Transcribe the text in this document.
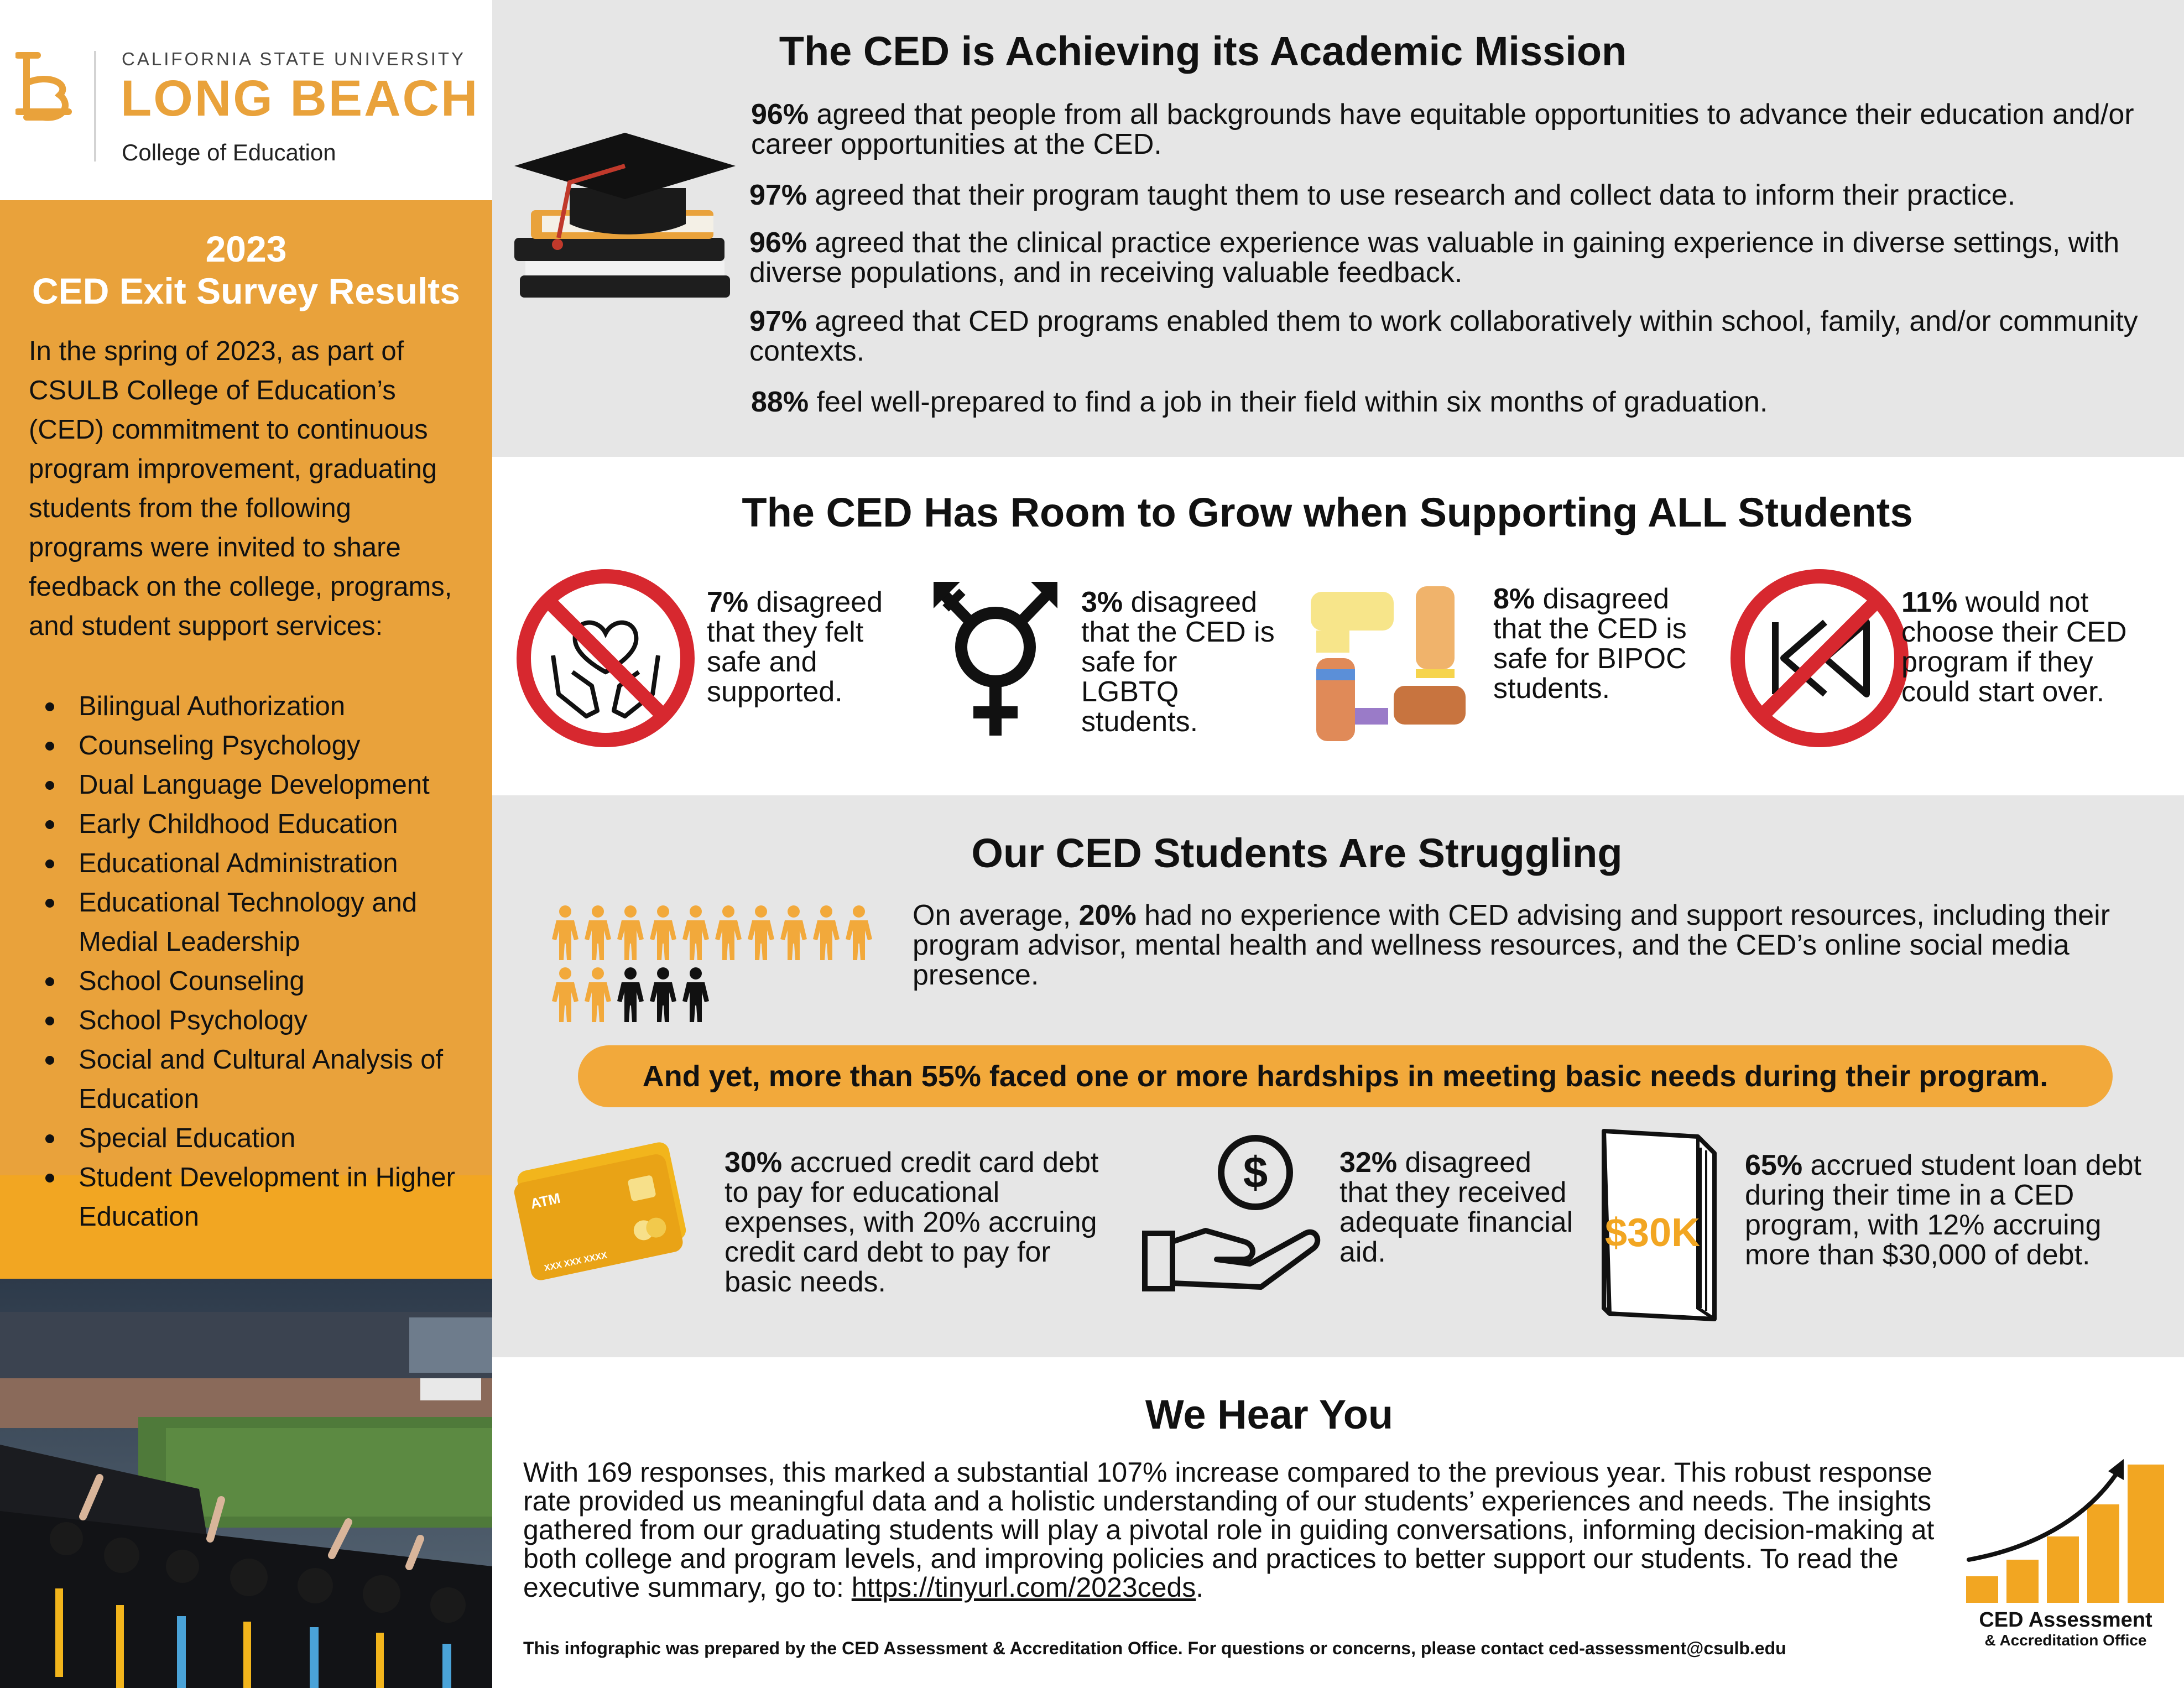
CALIFORNIA STATE UNIVERSITY
LONG BEACH
College of Education
2023
CED Exit Survey Results
In the spring of 2023, as part of CSULB College of Education’s (CED) commitment to continuous program improvement, graduating students from the following programs were invited to share feedback on the college, programs, and student support services:
Bilingual Authorization
Counseling Psychology
Dual Language Development
Early Childhood Education
Educational Administration
Educational Technology and Medial Leadership
School Counseling
School Psychology
Social and Cultural Analysis of Education
Special Education
Student Development in Higher Education
The CED is Achieving its Academic Mission
96% agreed that people from all backgrounds have equitable opportunities to advance their education and/or career opportunities at the CED.
97% agreed that their program taught them to use research and collect data to inform their practice.
96% agreed that the clinical practice experience was valuable in gaining experience in diverse settings, with diverse populations, and in receiving valuable feedback.
97% agreed that CED programs enabled them to work collaboratively within school, family, and/or community contexts.
88% feel well-prepared to find a job in their field within six months of graduation.
The CED Has Room to Grow when Supporting ALL Students
7% disagreed that they felt safe and supported.
3% disagreed that the CED is safe for LGBTQ students.
8% disagreed that the CED is safe for BIPOC students.
11% would not choose their CED program if they could start over.
Our CED Students Are Struggling
On average, 20% had no experience with CED advising and support resources, including their program advisor, mental health and wellness resources, and the CED’s online social media presence.
And yet, more than 55% faced one or more hardships in meeting basic needs during their program.
ATM
XXX XXX XXXX
30% accrued credit card debt to pay for educational expenses, with 20% accruing credit card debt to pay for basic needs.
$ 32% disagreed that they received adequate financial aid.	$30K
65% accrued student loan debt during their time in a CED program, with 12% accruing more than $30,000 of debt.
We Hear You
With 169 responses, this marked a substantial 107% increase compared to the previous year. This robust response rate provided us meaningful data and a holistic understanding of our students’ experiences and needs. The insights gathered from our graduating students will play a pivotal role in guiding conversations, informing decision-making at both college and program levels, and improving policies and practices to better support our students. To read the executive summary, go to: https://tinyurl.com/2023ceds.
This infographic was prepared by the CED Assessment & Accreditation Office. For questions or concerns, please contact ced-assessment@csulb.edu
CED Assessment
& Accreditation Office
